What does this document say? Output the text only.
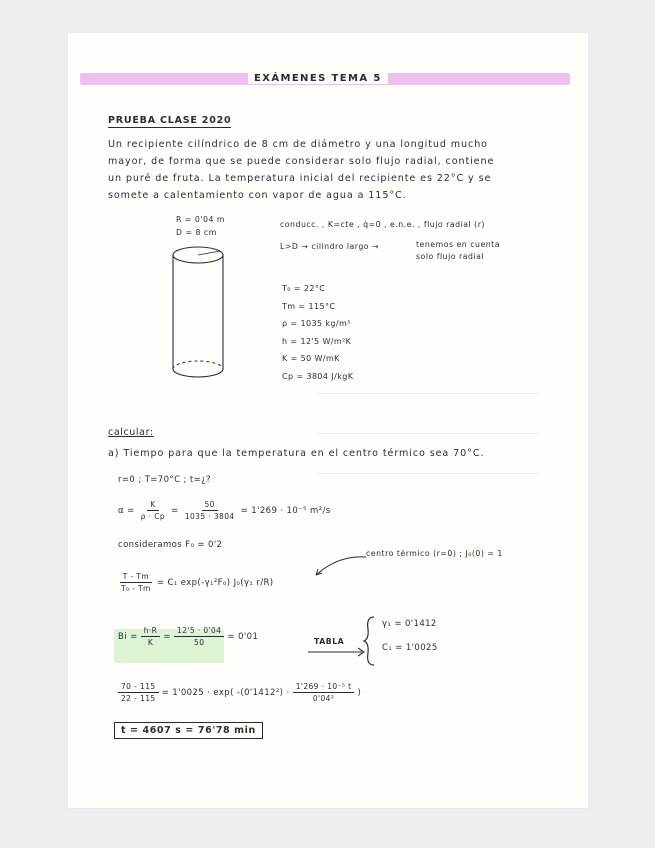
EXÁMENES TEMA 5
PRUEBA CLASE 2020
Un recipiente cilíndrico de 8 cm de diámetro y una longitud mucho
mayor, de forma que se puede considerar solo flujo radial, contiene
un puré de fruta. La temperatura inicial del recipiente es 22°C y se
somete a calentamiento con vapor de agua a 115°C.
R = 0'04 m
D = 8 cm
conducc. , K=cte , q̇=0 , e.n.e. , flujo radial (r)
L>D → cilindro largo →	tenemos en cuenta
solo flujo radial
T₀ = 22°C
Tm = 115°C
ρ = 1035 kg/m³
h = 12'5 W/m²K
K = 50 W/mK
Cp = 3804 J/kgK
calcular:
a) Tiempo para que la temperatura en el centro térmico sea 70°C.
r=0 ; T=70°C ; t=¿?
$\alpha = \frac{K}{\rho \cdot Cp} = \frac{50}{1035 \cdot 3804} = 1'269 \cdot 10^{-5}$ m²/s
consideramos F₀ = 0'2
centro térmico (r=0) ; J₀(0) = 1
$\frac{T - Tm}{\text{T₀ - Tm}} = C_1$ exp(-γ₁²F₀) J₀(γ₁ r/R)
$Bi = \frac{h\cdot R}{K} = \frac{12'5 \cdot 0'04}{50} = 0'01$	TABLA
γ₁ = 0'1412
C₁ = 1'0025
$\frac{70 - 115}{22 - 115} = 1'0025 \cdot \exp$( $-(0'1412^2) \cdot \frac{\text{1'269 · 10⁻⁵ t}}{\text{0'04²}}$ )
t = 4607 s = 76'78 min
